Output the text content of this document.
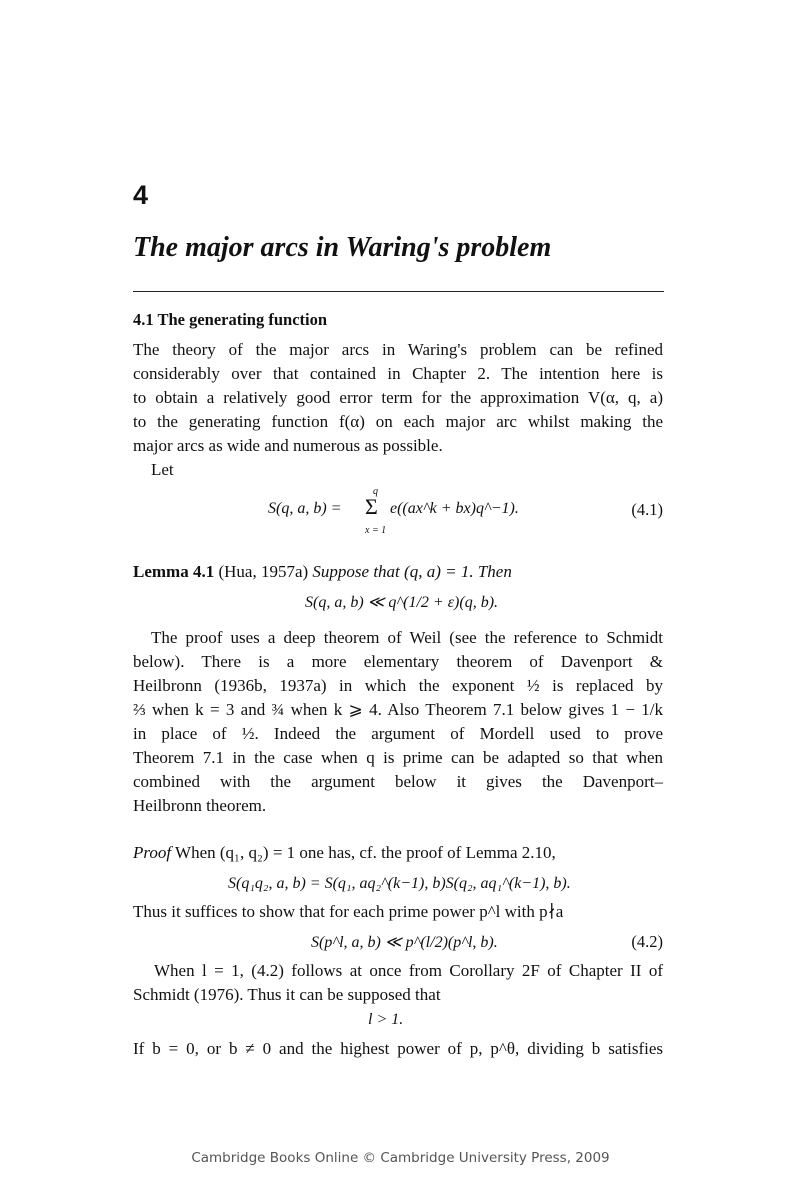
4
The major arcs in Waring's problem
4.1 The generating function
The theory of the major arcs in Waring's problem can be refined
considerably over that contained in Chapter 2. The intention here is
to obtain a relatively good error term for the approximation V(α, q, a)
to the generating function f(α) on each major arc whilst making the
major arcs as wide and numerous as possible.
Let
S(q, a, b) =
q
Σ
x = 1
e((ax^k + bx)q^−1).	(4.1)
Lemma 4.1 (Hua, 1957a) Suppose that (q, a) = 1. Then
S(q, a, b) ≪ q^(1/2 + ε)(q, b).
The proof uses a deep theorem of Weil (see the reference to Schmidt
below). There is a more elementary theorem of Davenport &
Heilbronn (1936b, 1937a) in which the exponent ½ is replaced by
⅔ when k = 3 and ¾ when k ⩾ 4. Also Theorem 7.1 below gives 1 − 1/k
in place of ½. Indeed the argument of Mordell used to prove
Theorem 7.1 in the case when q is prime can be adapted so that when
combined with the argument below it gives the Davenport–
Heilbronn theorem.
Proof When (q₁, q₂) = 1 one has, cf. the proof of Lemma 2.10,
S(q₁q₂, a, b) = S(q₁, aq₂^(k−1), b)S(q₂, aq₁^(k−1), b).
Thus it suffices to show that for each prime power p^l with p∤a
S(p^l, a, b) ≪ p^(l/2)(p^l, b).	(4.2)
When l = 1, (4.2) follows at once from Corollary 2F of Chapter II of
Schmidt (1976). Thus it can be supposed that
l > 1.
If b = 0, or b ≠ 0 and the highest power of p, p^θ, dividing b satisfies
Cambridge Books Online © Cambridge University Press, 2009
